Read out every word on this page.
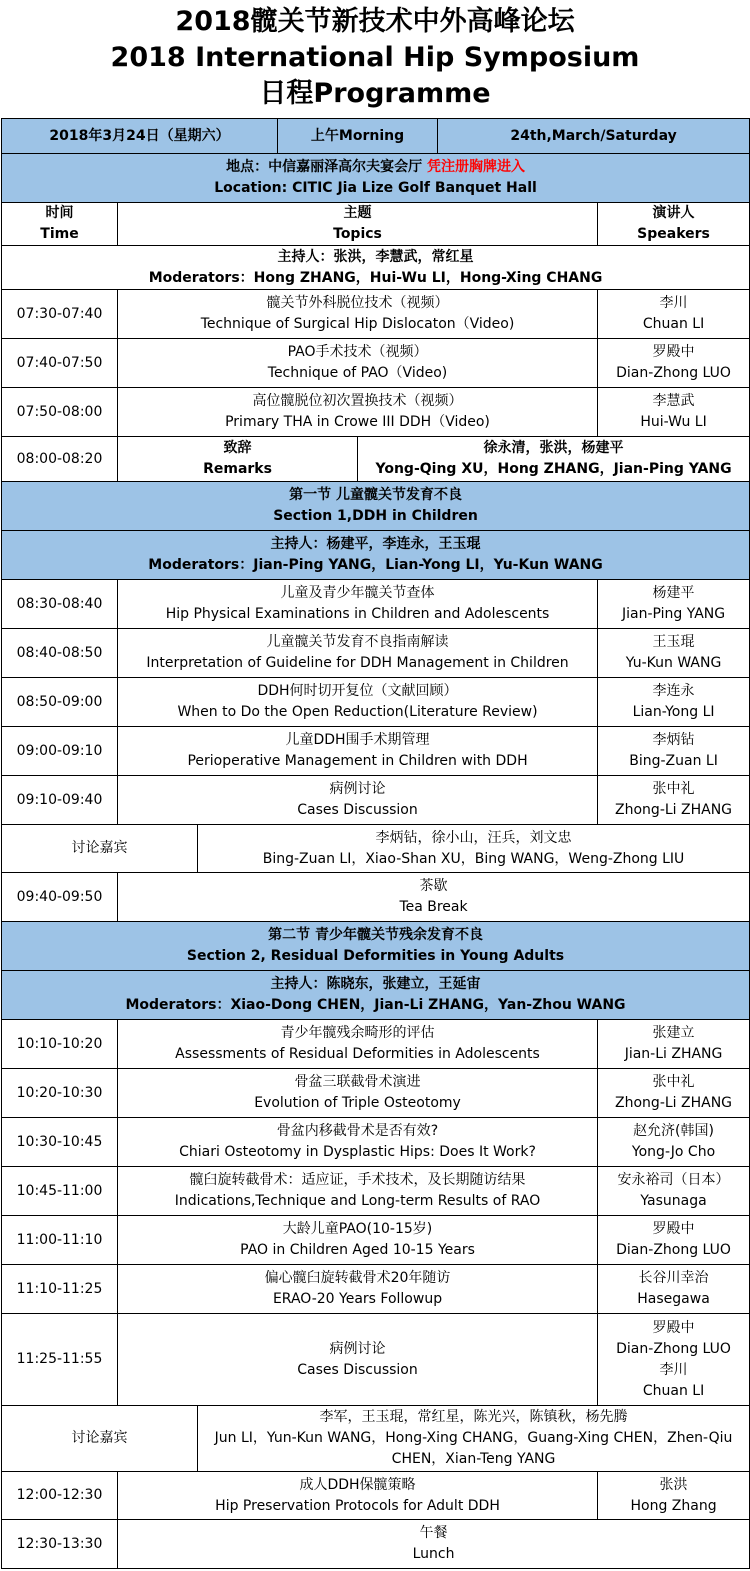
2018髋关节新技术中外高峰论坛
2018 International Hip Symposium
日程Programme
2018年3月24日（星期六）			上午Morning		24th,March/Saturday	

地点：中信嘉丽泽高尔夫宴会厅 凭注册胸牌进入
Location: CITIC Jia Lize Golf Banquet Hall						

时间
Time	主题
Topics					演讲人
Speakers

主持人：张洪，李慧武，常红星
Moderators：Hong ZHANG，Hui-Wu LI，Hong-Xing CHANG						

07:30-07:40	髋关节外科脱位技术（视频）
Technique of Surgical Hip Dislocaton（Video)					李川
Chuan LI

07:40-07:50	PAO手术技术（视频）
Technique of PAO（Video)					罗殿中
Dian-Zhong LUO

07:50-08:00	高位髋脱位初次置换技术（视频）
Primary THA in Crowe III DDH（Video)					李慧武
Hui-Wu LI

08:00-08:20	致辞
Remarks			徐永清，张洪，杨建平
Yong-Qing XU，Hong ZHANG，Jian-Ping YANG		

第一节 儿童髋关节发育不良
Section 1,DDH in Children						

主持人：杨建平，李连永，王玉琨
Moderators：Jian-Ping YANG，Lian-Yong LI，Yu-Kun WANG						

08:30-08:40	儿童及青少年髋关节查体
Hip Physical Examinations in Children and Adolescents					杨建平
Jian-Ping YANG

08:40-08:50	儿童髋关节发育不良指南解读
Interpretation of Guideline for DDH Management in Children					王玉琨
Yu-Kun WANG

08:50-09:00	DDH何时切开复位（文献回顾）
When to Do the Open Reduction(Literature Review)					李连永
Lian-Yong LI

09:00-09:10	儿童DDH围手术期管理
Perioperative Management in Children with DDH					李炳钻
Bing-Zuan LI

09:10-09:40	病例讨论
Cases Discussion					张中礼
Zhong-Li ZHANG

讨论嘉宾		李炳钻，徐小山，汪兵，刘文忠
Bing-Zuan LI，Xiao-Shan XU，Bing WANG，Weng-Zhong LIU				

09:40-09:50	茶歇
Tea Break					

第二节 青少年髋关节残余发育不良
Section 2, Residual Deformities in Young Adults						

主持人：陈晓东，张建立，王延宙
Moderators：Xiao-Dong CHEN，Jian-Li ZHANG，Yan-Zhou WANG						

10:10-10:20	青少年髋残余畸形的评估
Assessments of Residual Deformities in Adolescents					张建立
Jian-Li ZHANG

10:20-10:30	骨盆三联截骨术演进
Evolution of Triple Osteotomy					张中礼
Zhong-Li ZHANG

10:30-10:45	骨盆内移截骨术是否有效?
Chiari Osteotomy in Dysplastic Hips: Does It Work?					赵允济(韩国)
Yong-Jo Cho

10:45-11:00	髋臼旋转截骨术：适应证，手术技术，及长期随访结果
Indications,Technique and Long-term Results of RAO					安永裕司（日本）
Yasunaga

11:00-11:10	大龄儿童PAO(10-15岁)
PAO in Children Aged 10-15 Years					罗殿中
Dian-Zhong LUO

11:10-11:25	偏心髋臼旋转截骨术20年随访
ERAO-20 Years Followup					长谷川幸治
Hasegawa

11:25-11:55	病例讨论
Cases Discussion					罗殿中
Dian-Zhong LUO
李川
Chuan LI

讨论嘉宾		李军，王玉琨，常红星，陈光兴，陈镇秋，杨先腾
Jun LI，Yun-Kun WANG，Hong-Xing CHANG，Guang-Xing CHEN，Zhen-Qiu CHEN，Xian-Teng YANG				

12:00-12:30	成人DDH保髋策略
Hip Preservation Protocols for Adult DDH					张洪
Hong Zhang

12:30-13:30	午餐
Lunch					
